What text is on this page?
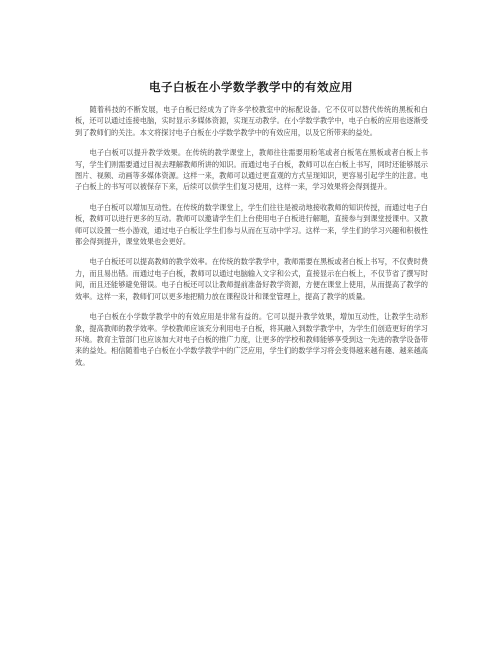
电子白板在小学数学教学中的有效应用

随着科技的不断发展，电子白板已经成为了许多学校教室中的标配设备。它不仅可以替代传统的黑板和白板，还可以通过连接电脑，实时显示多媒体资源，实现互动教学。在小学数学教学中，电子白板的应用也逐渐受到了教师们的关注。本文将探讨电子白板在小学数学教学中的有效应用，以及它所带来的益处。

电子白板可以提升教学效果。在传统的教学课堂上，教师往往需要用粉笔或者白板笔在黑板或者白板上书写，学生们则需要通过目视去理解教师所讲的知识。而通过电子白板，教师可以在白板上书写，同时还能够展示图片、视频、动画等多媒体资源。这样一来，教师可以通过更直观的方式呈现知识，更容易引起学生的注意。电子白板上的书写可以被保存下来，后续可以供学生们复习使用，这样一来，学习效果将会得到提升。

电子白板可以增加互动性。在传统的数学课堂上，学生们往往是被动地接收教师的知识传授，而通过电子白板，教师可以进行更多的互动。教师可以邀请学生们上台使用电子白板进行解题，直接参与到课堂授课中。又教师可以设置一些小游戏，通过电子白板让学生们参与从而在互动中学习。这样一来，学生们的学习兴趣和积极性都会得到提升，课堂效果也会更好。

电子白板还可以提高教师的教学效率。在传统的数学教学中，教师需要在黑板或者白板上书写，不仅费时费力，而且易出错。而通过电子白板，教师可以通过电脑输入文字和公式，直接显示在白板上，不仅节省了撰写时间，而且还能够避免错误。电子白板还可以让教师提前准备好教学资源，方便在课堂上使用，从而提高了教学的效率。这样一来，教师们可以更多地把精力放在课程设计和课堂管理上，提高了教学的质量。

电子白板在小学数学教学中的有效应用是非常有益的。它可以提升教学效果，增加互动性，让教学生动形象，提高教师的教学效率。学校教师应该充分利用电子白板，将其融入到数学教学中，为学生们创造更好的学习环境。教育主管部门也应该加大对电子白板的推广力度，让更多的学校和教师能够享受到这一先进的教学设备带来的益处。相信随着电子白板在小学数学教学中的广泛应用，学生们的数学学习将会变得越来越有趣、越来越高效。
